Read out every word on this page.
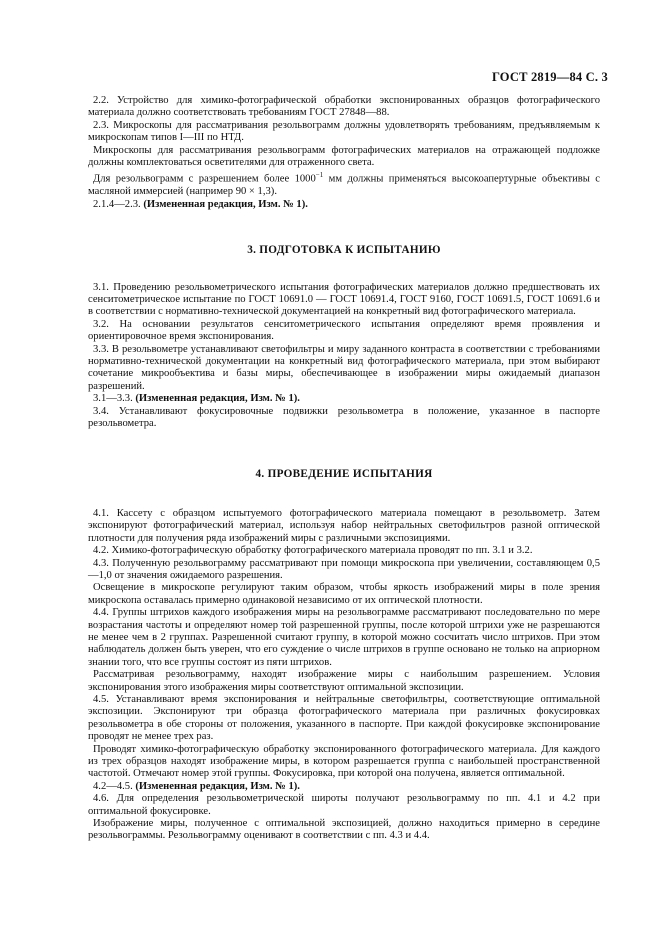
ГОСТ 2819—84 С. 3

2.2. Устройство для химико-фотографической обработки экспонированных образцов фотографического материала должно соответствовать требованиям ГОСТ 27848—88.

2.3. Микроскопы для рассматривания резольвограмм должны удовлетворять требованиям, предъявляемым к микроскопам типов I—III по НТД.

Микроскопы для рассматривания резольвограмм фотографических материалов на отражающей подложке должны комплектоваться осветителями для отраженного света.

Для резольвограмм с разрешением более $1000^{-1}$ мм должны применяться высокоапертурные объективы с масляной иммерсией (например 90 × 1,3).

2.1.4—2.3. (Измененная редакция, Изм. № 1).

3. ПОДГОТОВКА К ИСПЫТАНИЮ

3.1. Проведению резольвометрического испытания фотографических материалов должно предшествовать их сенситометрическое испытание по ГОСТ 10691.0 — ГОСТ 10691.4, ГОСТ 9160, ГОСТ 10691.5, ГОСТ 10691.6 и в соответствии с нормативно-технической документацией на конкретный вид фотографического материала.

3.2. На основании результатов сенситометрического испытания определяют время проявления и ориентировочное время экспонирования.

3.3. В резольвометре устанавливают светофильтры и миру заданного контраста в соответствии с требованиями нормативно-технической документации на конкретный вид фотографического материала, при этом выбирают сочетание микрообъектива и базы миры, обеспечивающее в изображении миры ожидаемый диапазон разрешений.

3.1—3.3. (Измененная редакция, Изм. № 1).

3.4. Устанавливают фокусировочные подвижки резольвометра в положение, указанное в паспорте резольвометра.

4. ПРОВЕДЕНИЕ ИСПЫТАНИЯ

4.1. Кассету с образцом испытуемого фотографического материала помещают в резольвометр. Затем экспонируют фотографический материал, используя набор нейтральных светофильтров разной оптической плотности для получения ряда изображений миры с различными экспозициями.

4.2. Химико-фотографическую обработку фотографического материала проводят по пп. 3.1 и 3.2.

4.3. Полученную резольвограмму рассматривают при помощи микроскопа при увеличении, составляющем 0,5—1,0 от значения ожидаемого разрешения.

Освещение в микроскопе регулируют таким образом, чтобы яркость изображений миры в поле зрения микроскопа оставалась примерно одинаковой независимо от их оптической плотности.

4.4. Группы штрихов каждого изображения миры на резольвограмме рассматривают последовательно по мере возрастания частоты и определяют номер той разрешенной группы, после которой штрихи уже не разрешаются не менее чем в 2 группах. Разрешенной считают группу, в которой можно сосчитать число штрихов. При этом наблюдатель должен быть уверен, что его суждение о числе штрихов в группе основано не только на априорном знании того, что все группы состоят из пяти штрихов.

Рассматривая резольвограмму, находят изображение миры с наибольшим разрешением. Условия экспонирования этого изображения миры соответствуют оптимальной экспозиции.

4.5. Устанавливают время экспонирования и нейтральные светофильтры, соответствующие оптимальной экспозиции. Экспонируют три образца фотографического материала при различных фокусировках резольвометра в обе стороны от положения, указанного в паспорте. При каждой фокусировке экспонирование проводят не менее трех раз.

Проводят химико-фотографическую обработку экспонированного фотографического материала. Для каждого из трех образцов находят изображение миры, в котором разрешается группа с наибольшей пространственной частотой. Отмечают номер этой группы. Фокусировка, при которой она получена, является оптимальной.

4.2—4.5. (Измененная редакция, Изм. № 1).

4.6. Для определения резольвометрической широты получают резольвограмму по пп. 4.1 и 4.2 при оптимальной фокусировке.

Изображение миры, полученное с оптимальной экспозицией, должно находиться примерно в середине резольвограммы. Резольвограмму оценивают в соответствии с пп. 4.3 и 4.4.
